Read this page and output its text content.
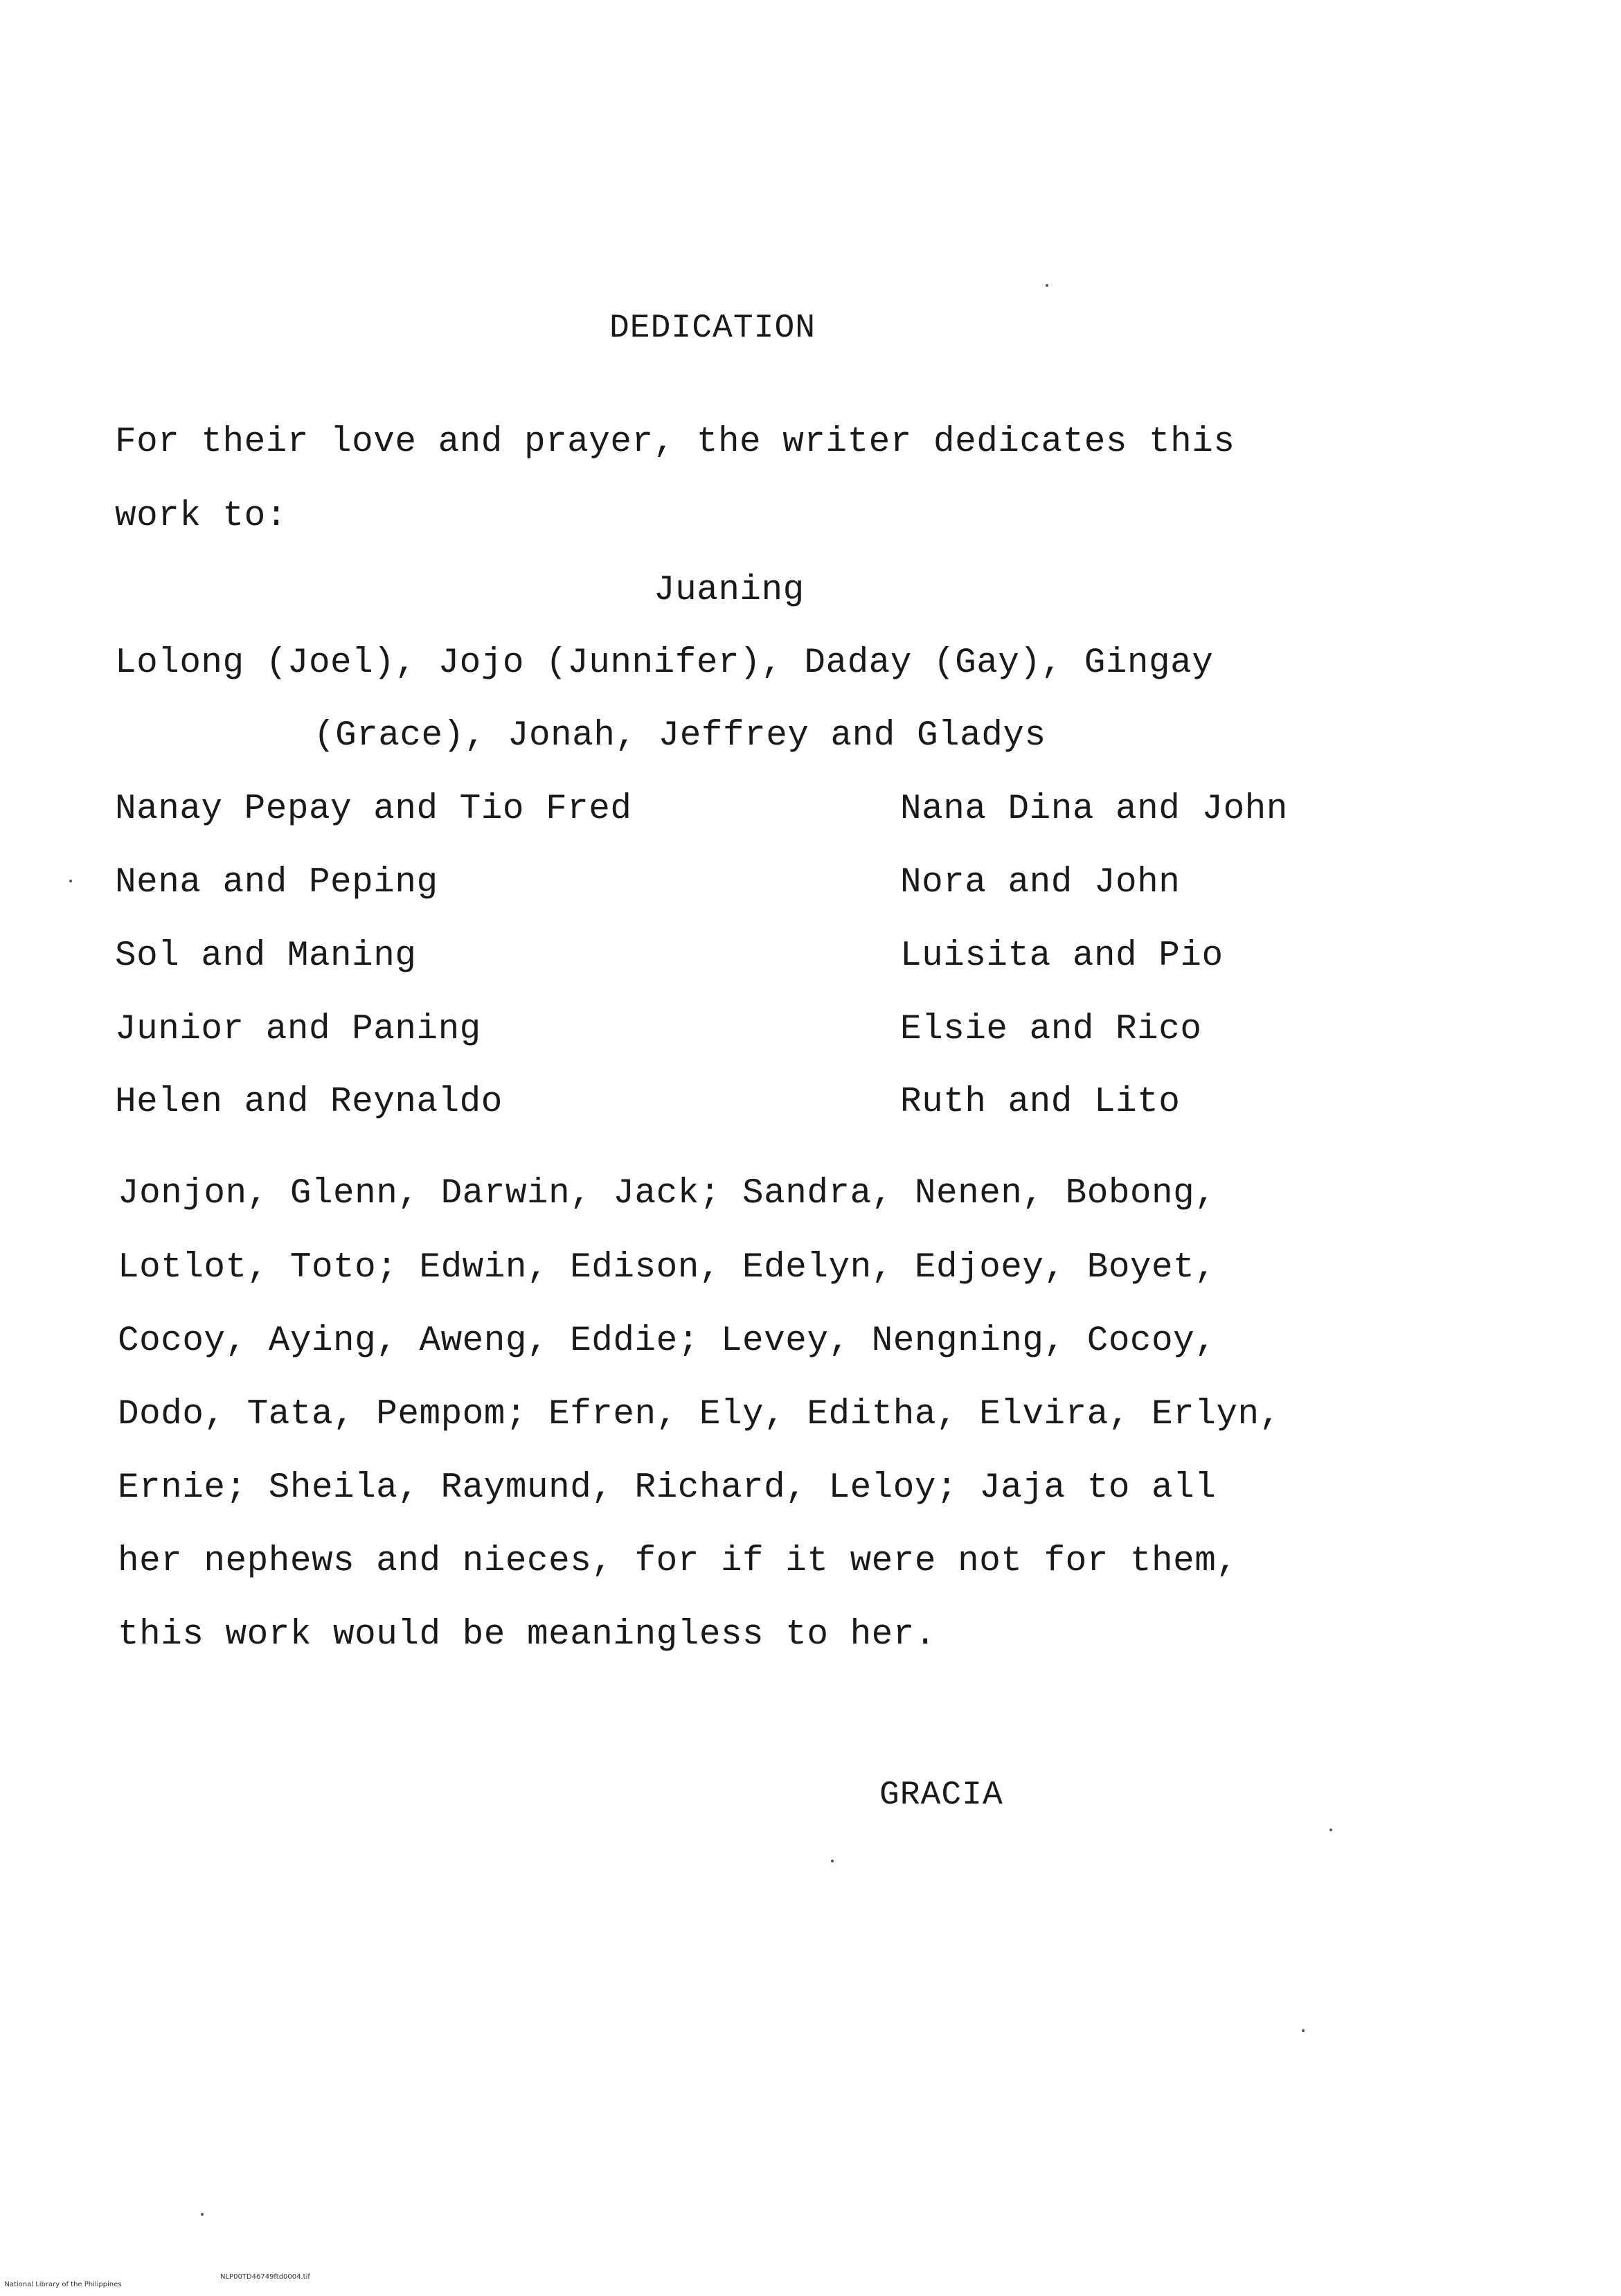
DEDICATION
For their love and prayer, the writer dedicates this
work to:
Juaning
Lolong (Joel), Jojo (Junnifer), Daday (Gay), Gingay
(Grace), Jonah, Jeffrey and Gladys
Nanay Pepay and Tio Fred
Nena and Peping
Sol and Maning
Junior and Paning
Helen and Reynaldo
Nana Dina and John
Nora and John
Luisita and Pio
Elsie and Rico
Ruth and Lito
Jonjon, Glenn, Darwin, Jack; Sandra, Nenen, Bobong,
Lotlot, Toto; Edwin, Edison, Edelyn, Edjoey, Boyet,
Cocoy, Aying, Aweng, Eddie; Levey, Nengning, Cocoy,
Dodo, Tata, Pempom; Efren, Ely, Editha, Elvira, Erlyn,
Ernie; Sheila, Raymund, Richard, Leloy; Jaja to all
her nephews and nieces, for if it were not for them,
this work would be meaningless to her.
GRACIA

National Library of the Philippines

NLP00TD46749ftd0004.tif
